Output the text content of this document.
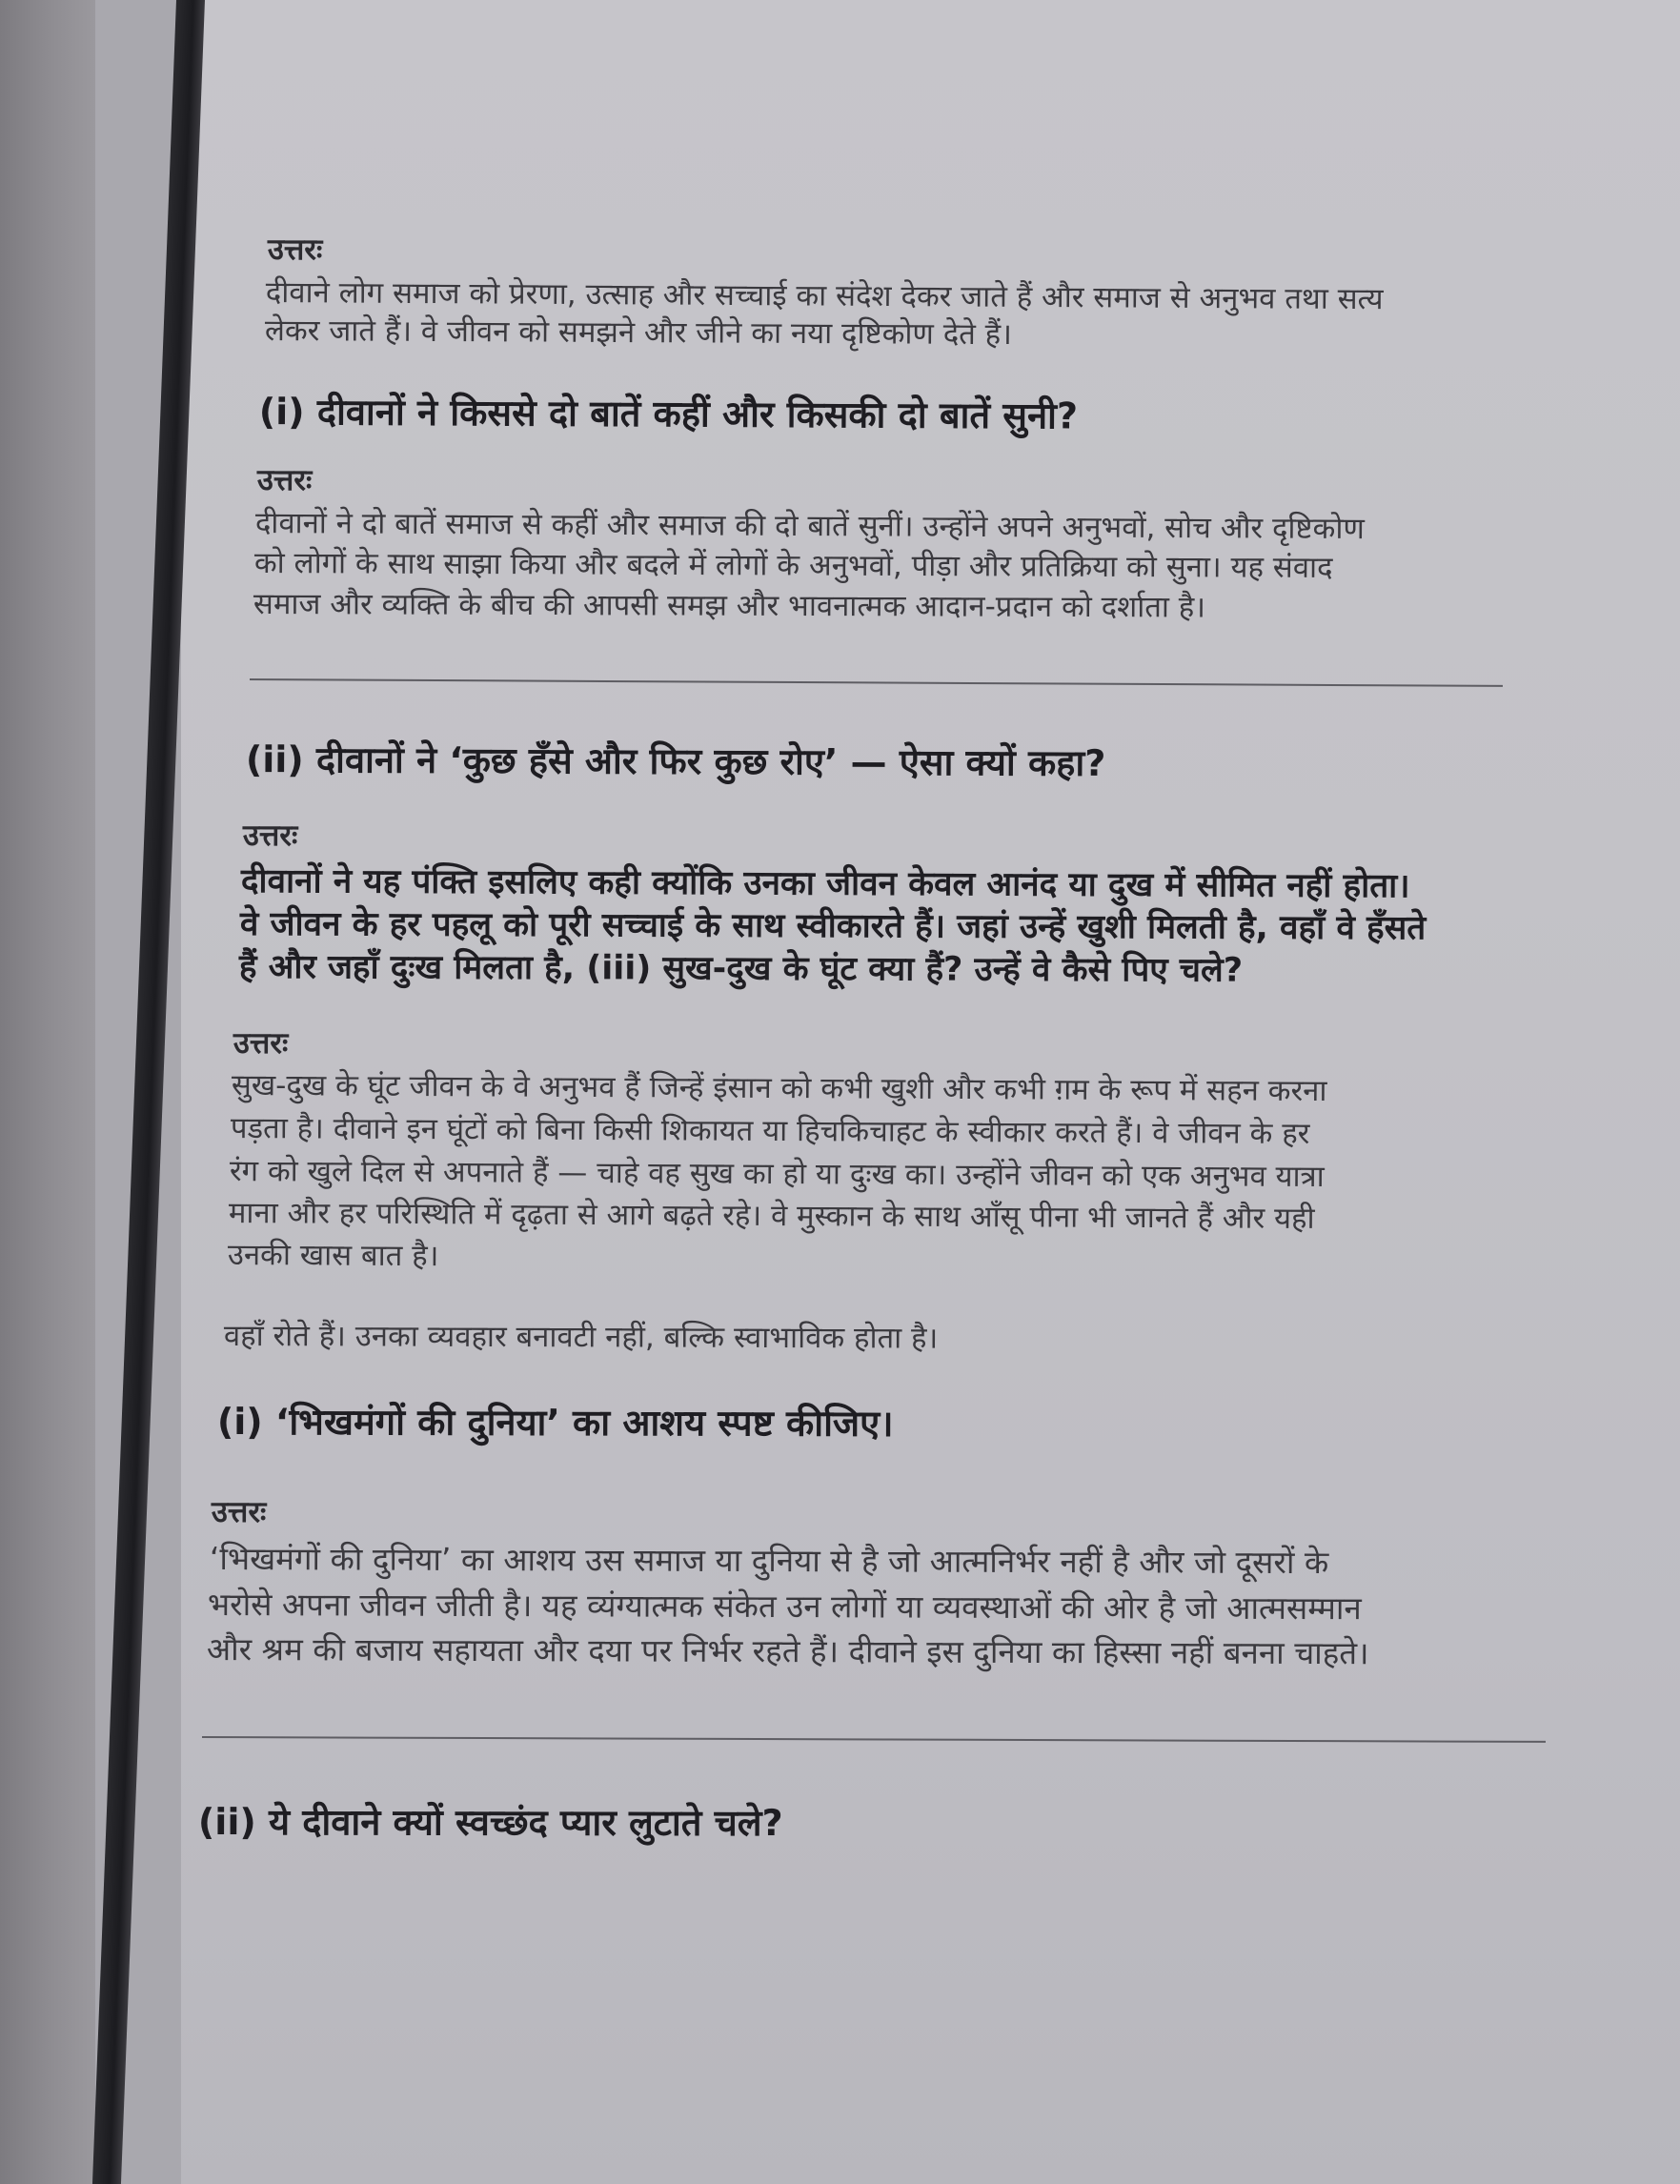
उत्तरः
दीवाने लोग समाज को प्रेरणा, उत्साह और सच्चाई का संदेश देकर जाते हैं और समाज से अनुभव तथा सत्य
लेकर जाते हैं। वे जीवन को समझने और जीने का नया दृष्टिकोण देते हैं।
(i) दीवानों ने किससे दो बातें कहीं और किसकी दो बातें सुनी?
उत्तरः
दीवानों ने दो बातें समाज से कहीं और समाज की दो बातें सुनीं। उन्होंने अपने अनुभवों, सोच और दृष्टिकोण
को लोगों के साथ साझा किया और बदले में लोगों के अनुभवों, पीड़ा और प्रतिक्रिया को सुना। यह संवाद
समाज और व्यक्ति के बीच की आपसी समझ और भावनात्मक आदान-प्रदान को दर्शाता है।
(ii) दीवानों ने ‘कुछ हँसे और फिर कुछ रोए’ — ऐसा क्यों कहा?
उत्तरः
दीवानों ने यह पंक्ति इसलिए कही क्योंकि उनका जीवन केवल आनंद या दुख में सीमित नहीं होता।
वे जीवन के हर पहलू को पूरी सच्चाई के साथ स्वीकारते हैं। जहां उन्हें खुशी मिलती है, वहाँ वे हँसते
हैं और जहाँ दुःख मिलता है, (iii) सुख-दुख के घूंट क्या हैं? उन्हें वे कैसे पिए चले?
उत्तरः
सुख-दुख के घूंट जीवन के वे अनुभव हैं जिन्हें इंसान को कभी खुशी और कभी ग़म के रूप में सहन करना
पड़ता है। दीवाने इन घूंटों को बिना किसी शिकायत या हिचकिचाहट के स्वीकार करते हैं। वे जीवन के हर
रंग को खुले दिल से अपनाते हैं — चाहे वह सुख का हो या दुःख का। उन्होंने जीवन को एक अनुभव यात्रा
माना और हर परिस्थिति में दृढ़ता से आगे बढ़ते रहे। वे मुस्कान के साथ आँसू पीना भी जानते हैं और यही
उनकी खास बात है।
वहाँ रोते हैं। उनका व्यवहार बनावटी नहीं, बल्कि स्वाभाविक होता है।
(i) ‘भिखमंगों की दुनिया’ का आशय स्पष्ट कीजिए।
उत्तरः
‘भिखमंगों की दुनिया’ का आशय उस समाज या दुनिया से है जो आत्मनिर्भर नहीं है और जो दूसरों के
भरोसे अपना जीवन जीती है। यह व्यंग्यात्मक संकेत उन लोगों या व्यवस्थाओं की ओर है जो आत्मसम्मान
और श्रम की बजाय सहायता और दया पर निर्भर रहते हैं। दीवाने इस दुनिया का हिस्सा नहीं बनना चाहते।
(ii) ये दीवाने क्यों स्वच्छंद प्यार लुटाते चले?
